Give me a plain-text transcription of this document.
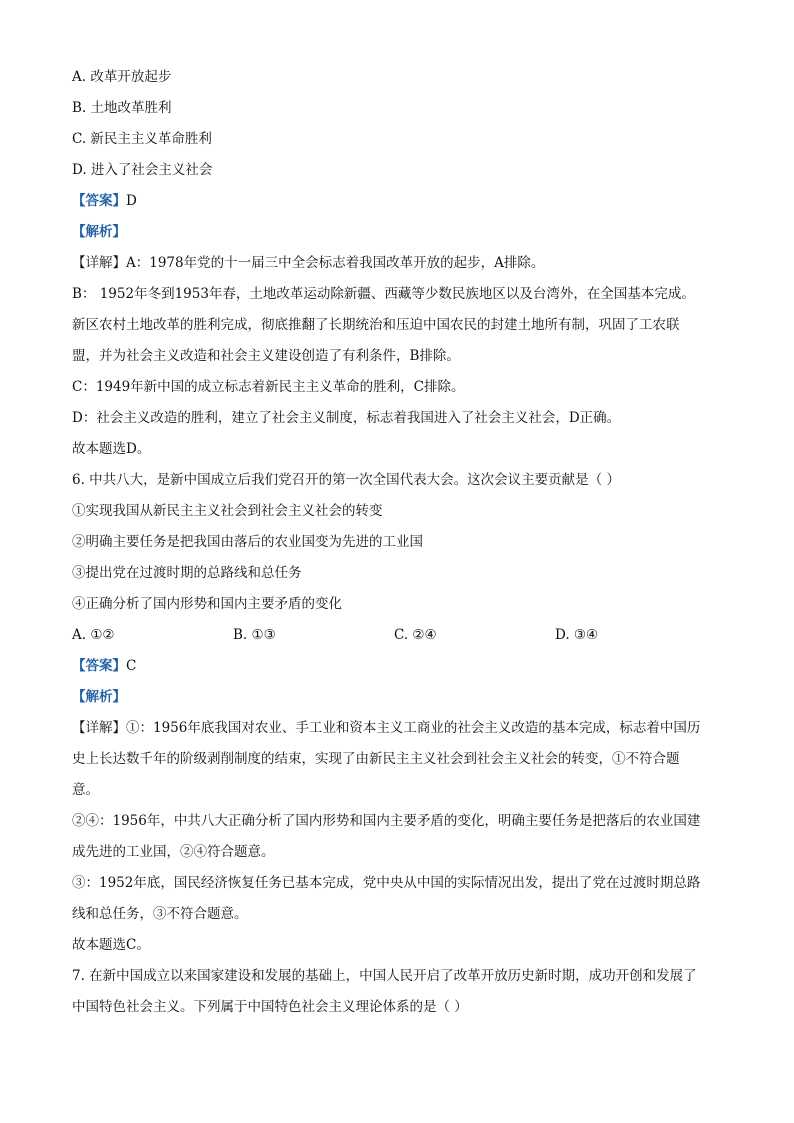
A. 改革开放起步
B. 土地改革胜利
C. 新民主主义革命胜利
D. 进入了社会主义社会
【答案】D
【解析】
【详解】A：1978年党的十一届三中全会标志着我国改革开放的起步，A排除。
B： 1952年冬到1953年春，土地改革运动除新疆、西藏等少数民族地区以及台湾外，在全国基本完成。
新区农村土地改革的胜利完成，彻底推翻了长期统治和压迫中国农民的封建土地所有制，巩固了工农联
盟，并为社会主义改造和社会主义建设创造了有利条件，B排除。
C：1949年新中国的成立标志着新民主主义革命的胜利，C排除。
D：社会主义改造的胜利，建立了社会主义制度，标志着我国进入了社会主义社会，D正确。
故本题选D。
6. 中共八大，是新中国成立后我们党召开的第一次全国代表大会。这次会议主要贡献是（ ）
①实现我国从新民主主义社会到社会主义社会的转变
②明确主要任务是把我国由落后的农业国变为先进的工业国
③提出党在过渡时期的总路线和总任务
④正确分析了国内形势和国内主要矛盾的变化
A. ①②	B. ①③	C. ②④	D. ③④
【答案】C
【解析】
【详解】①：1956年底我国对农业、手工业和资本主义工商业的社会主义改造的基本完成，标志着中国历
史上长达数千年的阶级剥削制度的结束，实现了由新民主主义社会到社会主义社会的转变，①不符合题
意。
②④：1956年，中共八大正确分析了国内形势和国内主要矛盾的变化，明确主要任务是把落后的农业国建
成先进的工业国，②④符合题意。
③：1952年底，国民经济恢复任务已基本完成，党中央从中国的实际情况出发，提出了党在过渡时期总路
线和总任务，③不符合题意。
故本题选C。
7. 在新中国成立以来国家建设和发展的基础上，中国人民开启了改革开放历史新时期，成功开创和发展了
中国特色社会主义。下列属于中国特色社会主义理论体系的是（ ）
